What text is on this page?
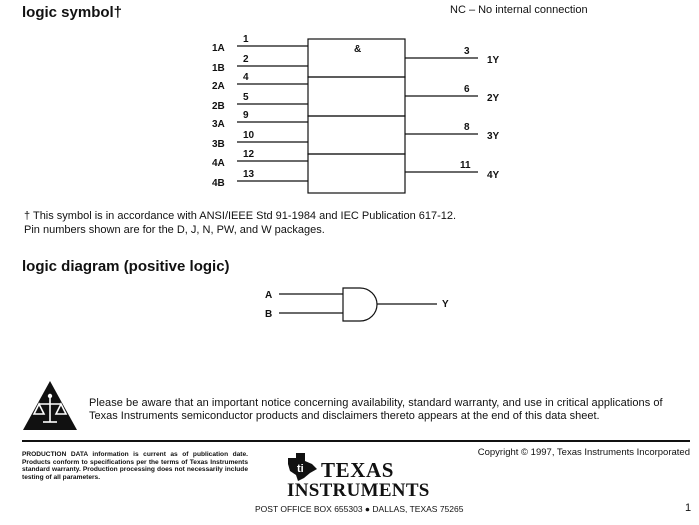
logic symbol†	NC – No internal connection
&
1A
1B
2A
2B
3A
3B
4A
4B
1
2
4
5
9
10
12
13
3
6
8
11
1Y
2Y
3Y
4Y
† This symbol is in accordance with ANSI/IEEE Std 91-1984 and IEC Publication 617-12.
Pin numbers shown are for the D, J, N, PW, and W packages.
logic diagram (positive logic)
A
B
Y
Please be aware that an important notice concerning availability, standard warranty, and use in critical applications of
Texas Instruments semiconductor products and disclaimers thereto appears at the end of this data sheet.
PRODUCTION DATA information is current as of publication date. Products conform to specifications per the terms of Texas Instruments standard warranty. Production processing does not necessarily include testing of all parameters.
Copyright © 1997, Texas Instruments Incorporated
ti TEXAS
INSTRUMENTS
POST OFFICE BOX 655303 ● DALLAS, TEXAS 75265	1
